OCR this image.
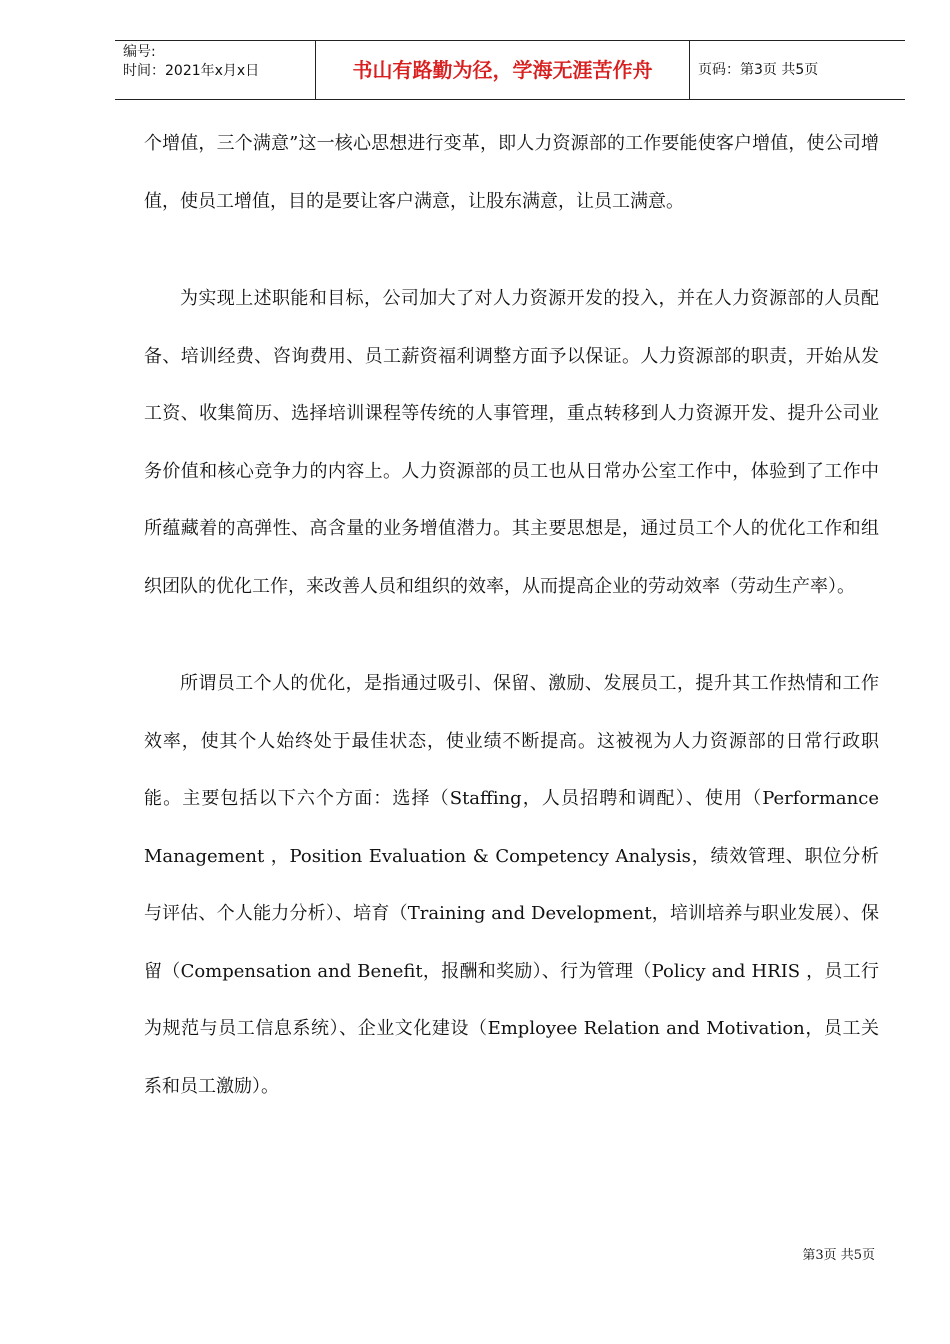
编号:
时间：2021年x月x日	书山有路勤为径，学海无涯苦作舟	页码：第3页 共5页

个增值，三个满意”这一核心思想进行变革，即人力资源部的工作要能使客户增值，使公司增值，使员工增值，目的是要让客户满意，让股东满意，让员工满意。

为实现上述职能和目标，公司加大了对人力资源开发的投入，并在人力资源部的人员配备、培训经费、咨询费用、员工薪资福利调整方面予以保证。人力资源部的职责，开始从发工资、收集简历、选择培训课程等传统的人事管理，重点转移到人力资源开发、提升公司业务价值和核心竞争力的内容上。人力资源部的员工也从日常办公室工作中，体验到了工作中所蕴藏着的高弹性、高含量的业务增值潜力。其主要思想是，通过员工个人的优化工作和组织团队的优化工作，来改善人员和组织的效率，从而提高企业的劳动效率（劳动生产率）。

所谓员工个人的优化，是指通过吸引、保留、激励、发展员工，提升其工作热情和工作效率，使其个人始终处于最佳状态，使业绩不断提高。这被视为人力资源部的日常行政职能。主要包括以下六个方面：选择（Staffing，人员招聘和调配）、使用（Performance Management ，Position Evaluation & Competency Analysis，绩效管理、职位分析与评估、个人能力分析）、培育（Training and Development，培训培养与职业发展）、保留（Compensation and Benefit，报酬和奖励）、行为管理（Policy and HRIS ，员工行为规范与员工信息系统）、企业文化建设（Employee Relation and Motivation，员工关系和员工激励）。

第3页 共5页
